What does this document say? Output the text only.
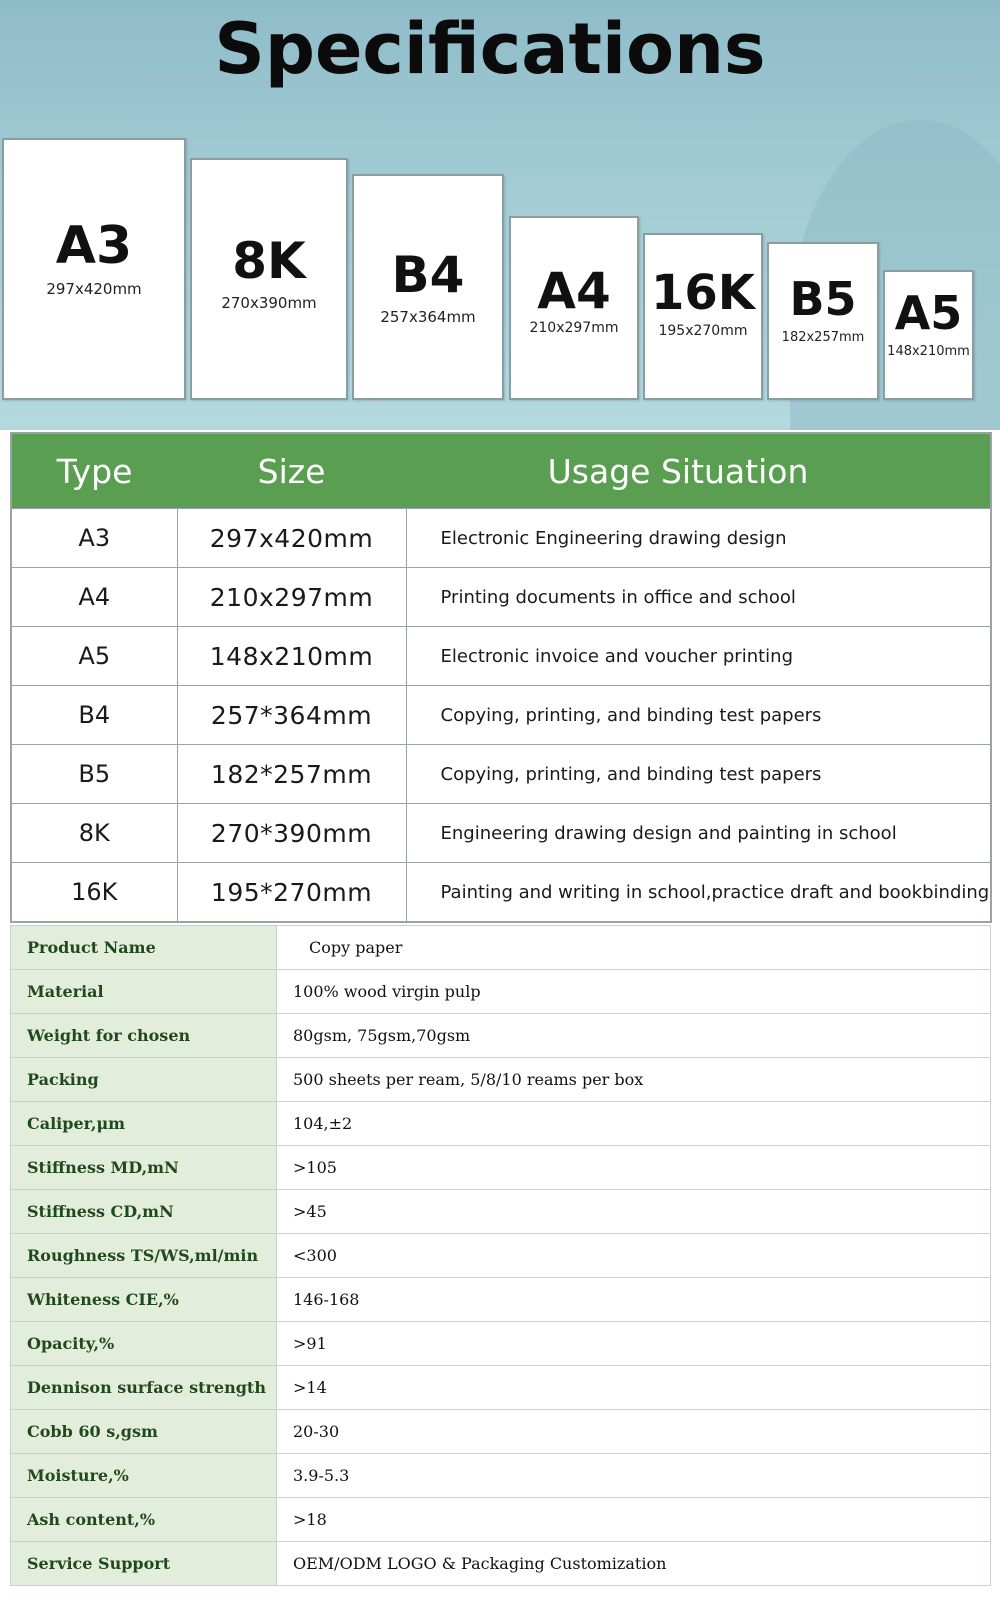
Specifications
A3
297x420mm	8K
270x390mm	B4
257x364mm	A4
210x297mm
16K
195x270mm
B5
182x257mm A5
148x210mm
Type	Size	Usage Situation
A3	297x420mm	Electronic Engineering drawing design
A4	210x297mm	Printing documents in office and school
A5	148x210mm	Electronic invoice and voucher printing
B4	257*364mm	Copying, printing, and binding test papers
B5	182*257mm	Copying, printing, and binding test papers
8K	270*390mm	Engineering drawing design and painting in school
16K	195*270mm	Painting and writing in school,practice draft and bookbinding
Product Name	Copy paper
Material	100% wood virgin pulp
Weight for chosen	80gsm, 75gsm,70gsm
Packing	500 sheets per ream, 5/8/10 reams per box
Caliper,μm	104,±2
Stiffness MD,mN	>105
Stiffness CD,mN	>45
Roughness TS/WS,ml/min	<300
Whiteness CIE,%	146-168
Opacity,%	>91
Dennison surface strength	>14
Cobb 60 s,gsm	20-30
Moisture,%	3.9-5.3
Ash content,%	>18
Service Support	OEM/ODM LOGO & Packaging Customization
